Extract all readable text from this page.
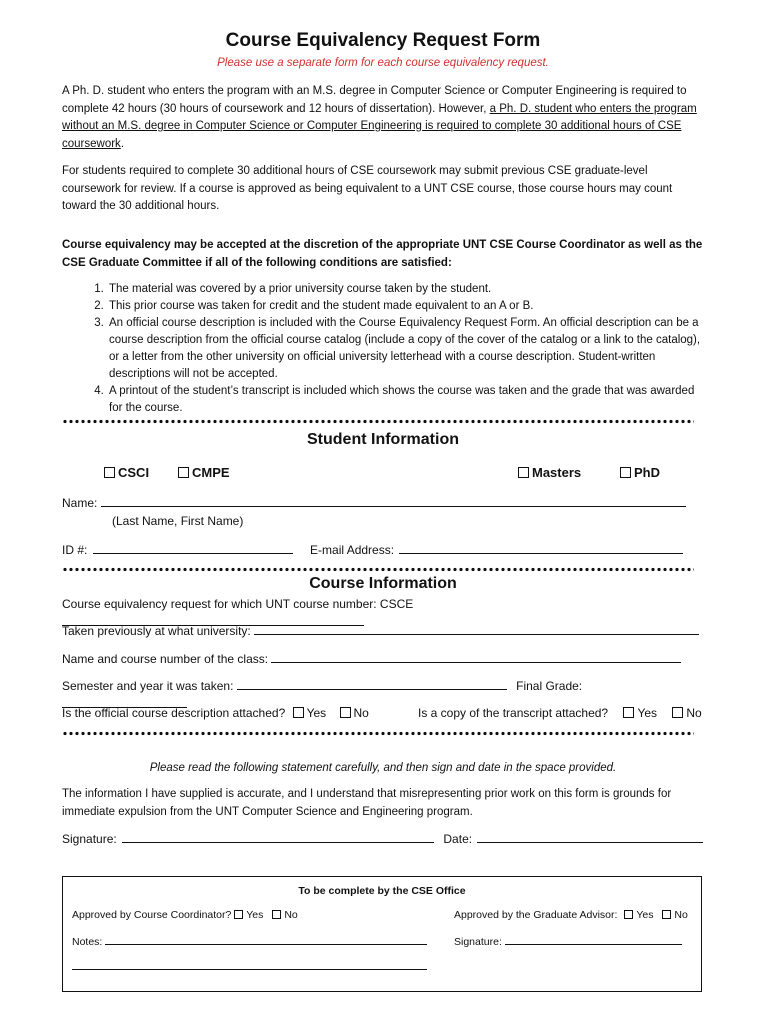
Course Equivalency Request Form
Please use a separate form for each course equivalency request.

A Ph. D. student who enters the program with an M.S. degree in Computer Science or Computer Engineering is required to complete 42 hours (30 hours of coursework and 12 hours of dissertation). However, a Ph. D. student who enters the program without an M.S. degree in Computer Science or Computer Engineering is required to complete 30 additional hours of CSE coursework.

For students required to complete 30 additional hours of CSE coursework may submit previous CSE graduate-level coursework for review. If a course is approved as being equivalent to a UNT CSE course, those course hours may count toward the 30 additional hours.

Course equivalency may be accepted at the discretion of the appropriate UNT CSE Course Coordinator as well as the CSE Graduate Committee if all of the following conditions are satisfied:

1. The material was covered by a prior university course taken by the student.
2. This prior course was taken for credit and the student made equivalent to an A or B.
3. An official course description is included with the Course Equivalency Request Form. An official description can be a course description from the official course catalog (include a copy of the cover of the catalog or a link to the catalog), or a letter from the other university on official university letterhead with a course description. Student-written descriptions will not be accepted.
4. A printout of the student’s transcript is included which shows the course was taken and the grade that was awarded for the course.
Student Information
CSCI	CMPE	Masters	PhD
Name:
(Last Name, First Name)
ID #:	E-mail Address:
Course Information
Course equivalency request for which UNT course number: CSCE
Taken previously at what university:
Name and course number of the class:
Semester and year it was taken:	Final Grade:
Is the official course description attached? Yes No	Is a copy of the transcript attached? Yes No
Please read the following statement carefully, and then sign and date in the space provided.

The information I have supplied is accurate, and I understand that misrepresenting prior work on this form is grounds for immediate expulsion from the UNT Computer Science and Engineering program.

Signature:	Date:
To be complete by the CSE Office
Approved by Course Coordinator? Yes No	Approved by the Graduate Advisor: Yes No
Notes:	Signature:
